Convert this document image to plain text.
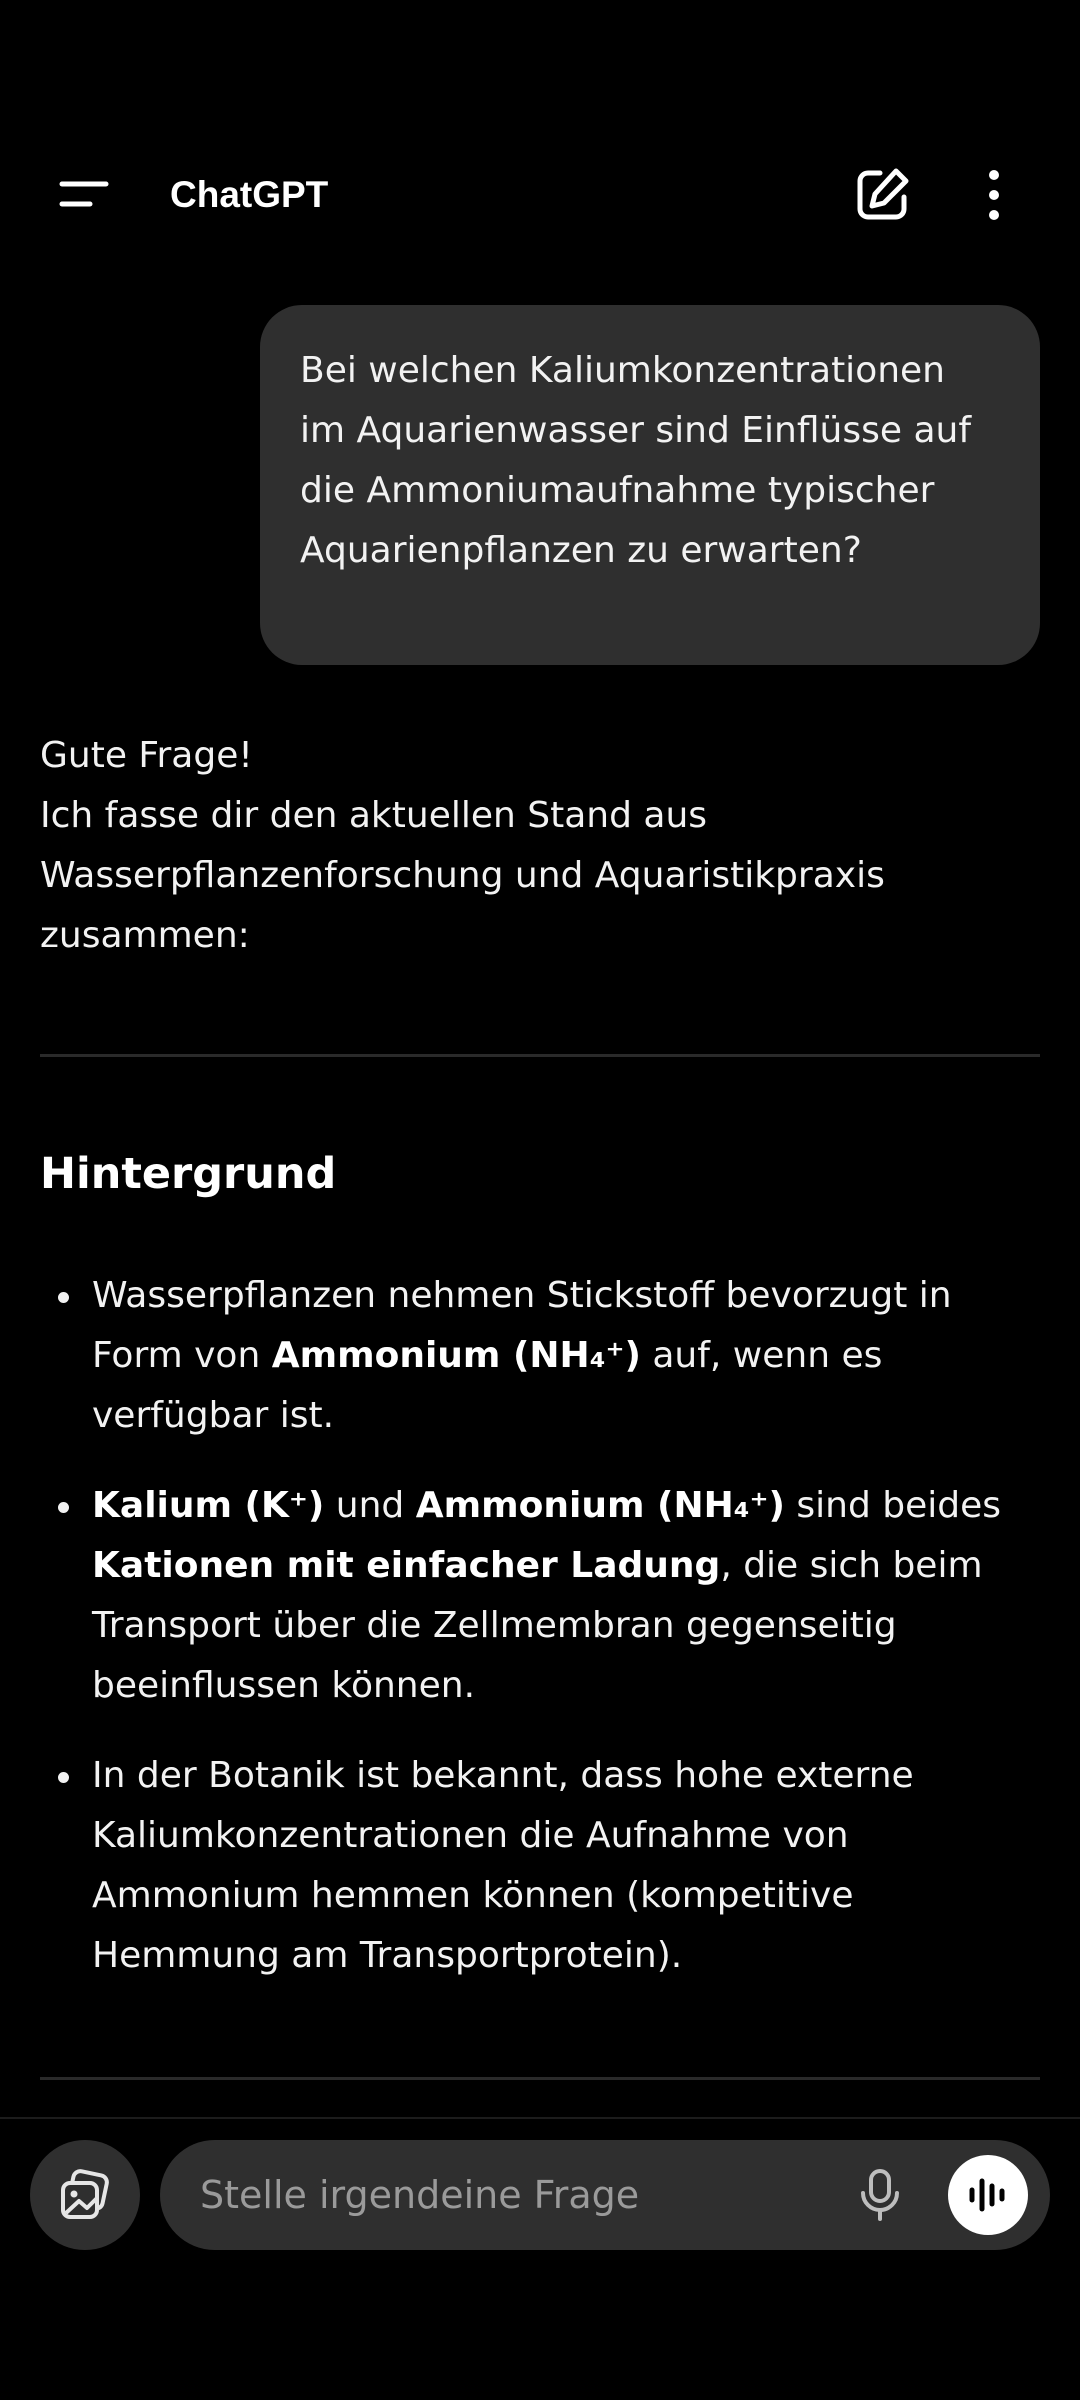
ChatGPT
Bei welchen Kaliumkonzentrationen im Aquarienwasser sind Einflüsse auf die Ammoniumaufnahme typischer Aquarienpflanzen zu erwarten?
Gute Frage!
Ich fasse dir den aktuellen Stand aus Wasserpflanzenforschung und Aquaristikpraxis zusammen:
Hintergrund
Wasserpflanzen nehmen Stickstoff bevorzugt in Form von Ammonium (NH₄⁺) auf, wenn es verfügbar ist.
Kalium (K⁺) und Ammonium (NH₄⁺) sind beides Kationen mit einfacher Ladung, die sich beim Transport über die Zellmembran gegenseitig beeinflussen können.
In der Botanik ist bekannt, dass hohe externe Kaliumkonzentrationen die Aufnahme von Ammonium hemmen können (kompetitive Hemmung am Transportprotein).
Stelle irgendeine Frage
